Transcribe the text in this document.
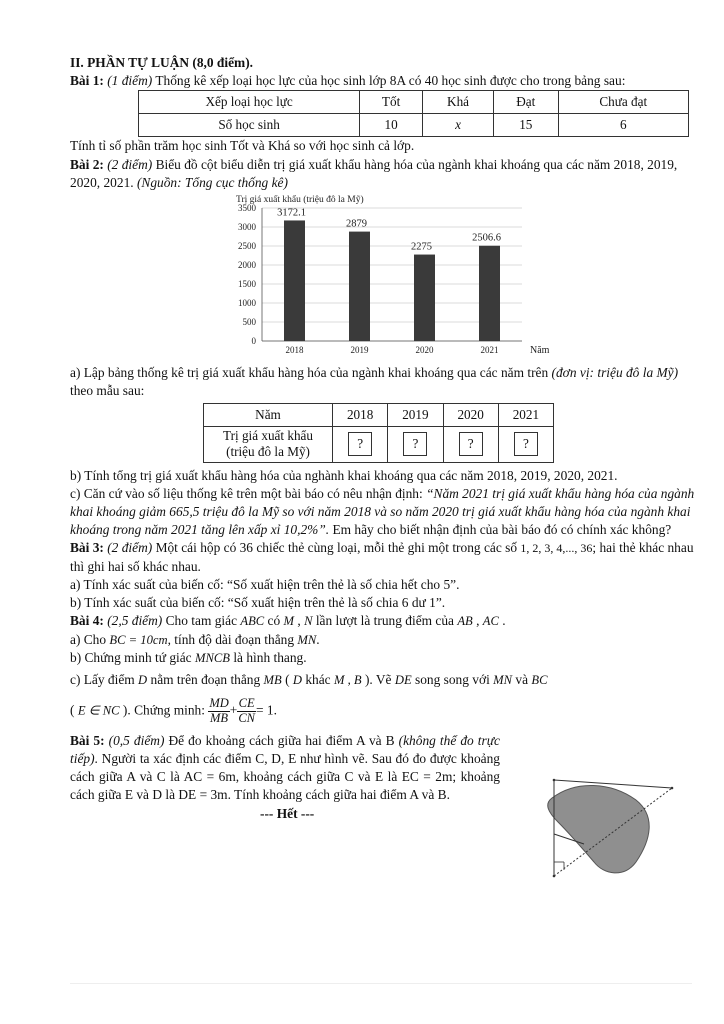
II. PHẦN TỰ LUẬN (8,0 điểm).

Bài 1: (1 điểm) Thống kê xếp loại học lực của học sinh lớp 8A có 40 học sinh được cho trong bảng sau:

Xếp loại học lực	Tốt	Khá	Đạt	Chưa đạt
Số học sinh	10	x	15	6

Tính tỉ số phần trăm học sinh Tốt và Khá so với học sinh cả lớp.

Bài 2: (2 điểm) Biểu đồ cột biểu diễn trị giá xuất khẩu hàng hóa của ngành khai khoáng qua các năm 2018, 2019, 2020, 2021. (Nguồn: Tổng cục thống kê)

Trị giá xuất khẩu (triệu đô la Mỹ)
0
500
1000
1500
2000
2500
3000
3500 3172.1
2018
2879
2019
2275
2020
2506.6
2021	Năm

a) Lập bảng thống kê trị giá xuất khẩu hàng hóa của ngành khai khoáng qua các năm trên (đơn vị: triệu đô la Mỹ) theo mẫu sau:

Năm	2018	2019	2020	2021
Trị giá xuất khẩu
(triệu đô la Mỹ)	?	?	?	?

b) Tính tổng trị giá xuất khẩu hàng hóa của nghành khai khoáng qua các năm 2018, 2019, 2020, 2021.

c) Căn cứ vào số liệu thống kê trên một bài báo có nêu nhận định: “Năm 2021 trị giá xuất khẩu hàng hóa của ngành khai khoáng giảm 665,5 triệu đô la Mỹ so với năm 2018 và so năm 2020 trị giá xuất khẩu hàng hóa của ngành khai khoáng trong năm 2021 tăng lên xấp xỉ 10,2%”. Em hãy cho biết nhận định của bài báo đó có chính xác không?

Bài 3: (2 điểm) Một cái hộp có 36 chiếc thẻ cùng loại, mỗi thẻ ghi một trong các số 1, 2, 3, 4,..., 36; hai thẻ khác nhau thì ghi hai số khác nhau.

a) Tính xác suất của biến cố: “Số xuất hiện trên thẻ là số chia hết cho 5”.

b) Tính xác suất của biến cố: “Số xuất hiện trên thẻ là số chia 6 dư 1”.

Bài 4: (2,5 điểm) Cho tam giác ABC có M , N lần lượt là trung điểm của AB , AC .

a) Cho BC = 10cm, tính độ dài đoạn thẳng MN.

b) Chứng minh tứ giác MNCB là hình thang.

c) Lấy điểm D nằm trên đoạn thẳng MB ( D khác M , B ). Vẽ DE song song với MN và BC

( E ∈ NC ). Chứng minh: $\frac{MD}{MB} + \frac{CE}{CN} = 1$.

Bài 5: (0,5 điểm) Để đo khoảng cách giữa hai điểm A và B (không thể đo trực tiếp). Người ta xác định các điểm C, D, E như hình vẽ. Sau đó đo được khoảng cách giữa A và C là AC = 6m, khoảng cách giữa C và E là EC = 2m; khoảng cách giữa E và D là DE = 3m. Tính khoảng cách giữa hai điểm A và B.

--- Hết ---
